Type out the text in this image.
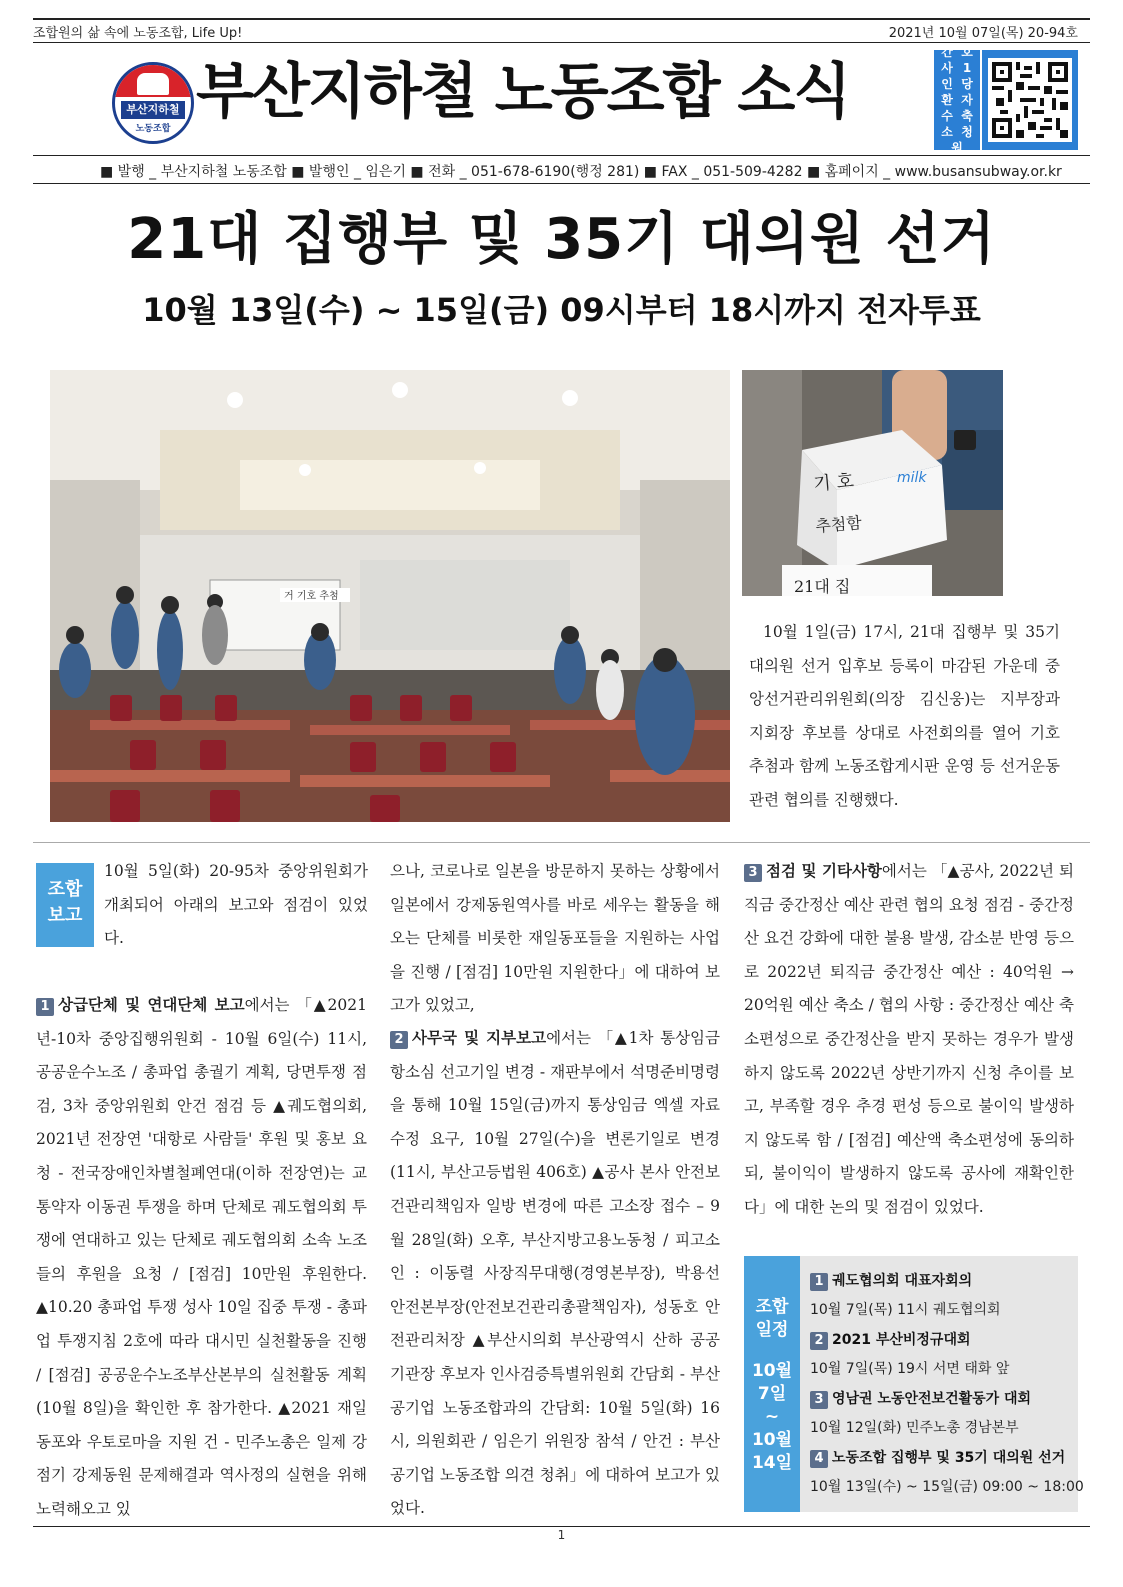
조합원의 삶 속에 노동조합, Life Up!	2021년 10월 07일(목) 20-94호
부산지하철
노동조합
부산지하철 노동조합 소식
간 호
사 1
인 당
환 자
수 축
소 청
원
■ 발행 _ 부산지하철 노동조합 ■ 발행인 _ 임은기 ■ 전화 _ 051-678-6190(행정 281) ■ FAX _ 051-509-4282 ■ 홈페이지 _ www.busansubway.or.kr
21대 집행부 및 35기 대의원 선거
10월 13일(수) ~ 15일(금) 09시부터 18시까지 전자투표
거 기호 추첨
milk
기 호
추첨함
21대 집

10월 1일(금) 17시, 21대 집행부 및 35기 대의원 선거 입후보 등록이 마감된 가운데 중앙선거관리위원회(의장 김신웅)는 지부장과 지회장 후보를 상대로 사전회의를 열어 기호 추첨과 함께 노동조합게시판 운영 등 선거운동 관련 협의를 진행했다.

조합
보고

10월 5일(화) 20-95차 중앙위원회가 개최되어 아래의 보고와 점검이 있었다.

1 상급단체 및 연대단체 보고에서는 「▲2021년-10차 중앙집행위원회 - 10월 6일(수) 11시, 공공운수노조 / 총파업 총궐기 계획, 당면투쟁 점검, 3차 중앙위원회 안건 점검 등 ▲궤도협의회, 2021년 전장연 '대항로 사람들' 후원 및 홍보 요청 - 전국장애인차별철폐연대(이하 전장연)는 교통약자 이동권 투쟁을 하며 단체로 궤도협의회 투쟁에 연대하고 있는 단체로 궤도협의회 소속 노조들의 후원을 요청 / [점검] 10만원 후원한다. ▲10.20 총파업 투쟁 성사 10일 집중 투쟁 - 총파업 투쟁지침 2호에 따라 대시민 실천활동을 진행 / [점검] 공공운수노조부산본부의 실천활동 계획(10월 8일)을 확인한 후 참가한다. ▲2021 재일동포와 우토로마을 지원 건 - 민주노총은 일제 강점기 강제동원 문제해결과 역사정의 실현을 위해 노력해오고 있

으나, 코로나로 일본을 방문하지 못하는 상황에서 일본에서 강제동원역사를 바로 세우는 활동을 해오는 단체를 비롯한 재일동포들을 지원하는 사업을 진행 / [점검] 10만원 지원한다」에 대하여 보고가 있었고,

2 사무국 및 지부보고에서는 「▲1차 통상임금 항소심 선고기일 변경 - 재판부에서 석명준비명령을 통해 10월 15일(금)까지 통상임금 엑셀 자료 수정 요구, 10월 27일(수)을 변론기일로 변경(11시, 부산고등법원 406호) ▲공사 본사 안전보건관리책임자 일방 변경에 따른 고소장 접수 – 9월 28일(화) 오후, 부산지방고용노동청 / 피고소인 : 이동렬 사장직무대행(경영본부장), 박용선 안전본부장(안전보건관리총괄책임자), 성동호 안전관리처장 ▲부산시의회 부산광역시 산하 공공기관장 후보자 인사검증특별위원회 간담회 - 부산공기업 노동조합과의 간담회: 10월 5일(화) 16시, 의원회관 / 임은기 위원장 참석 / 안건 : 부산공기업 노동조합 의견 청취」에 대하여 보고가 있었다.

3 점검 및 기타사항에서는 「▲공사, 2022년 퇴직금 중간정산 예산 관련 협의 요청 점검 - 중간정산 요건 강화에 대한 불용 발생, 감소분 반영 등으로 2022년 퇴직금 중간정산 예산 : 40억원 → 20억원 예산 축소 / 협의 사항 : 중간정산 예산 축소편성으로 중간정산을 받지 못하는 경우가 발생하지 않도록 2022년 상반기까지 신청 추이를 보고, 부족할 경우 추경 편성 등으로 불이익 발생하지 않도록 함 / [점검] 예산액 축소편성에 동의하되, 불이익이 발생하지 않도록 공사에 재확인한다」에 대한 논의 및 점검이 있었다.

조합
일정
10월
7일
~
10월
14일
1 궤도협의회 대표자회의
10월 7일(목) 11시 궤도협의회
2 2021 부산비정규대회
10월 7일(목) 19시 서면 태화 앞
3 영남권 노동안전보건활동가 대회
10월 12일(화) 민주노총 경남본부
4 노동조합 집행부 및 35기 대의원 선거
10월 13일(수) ~ 15일(금) 09:00 ~ 18:00
1
